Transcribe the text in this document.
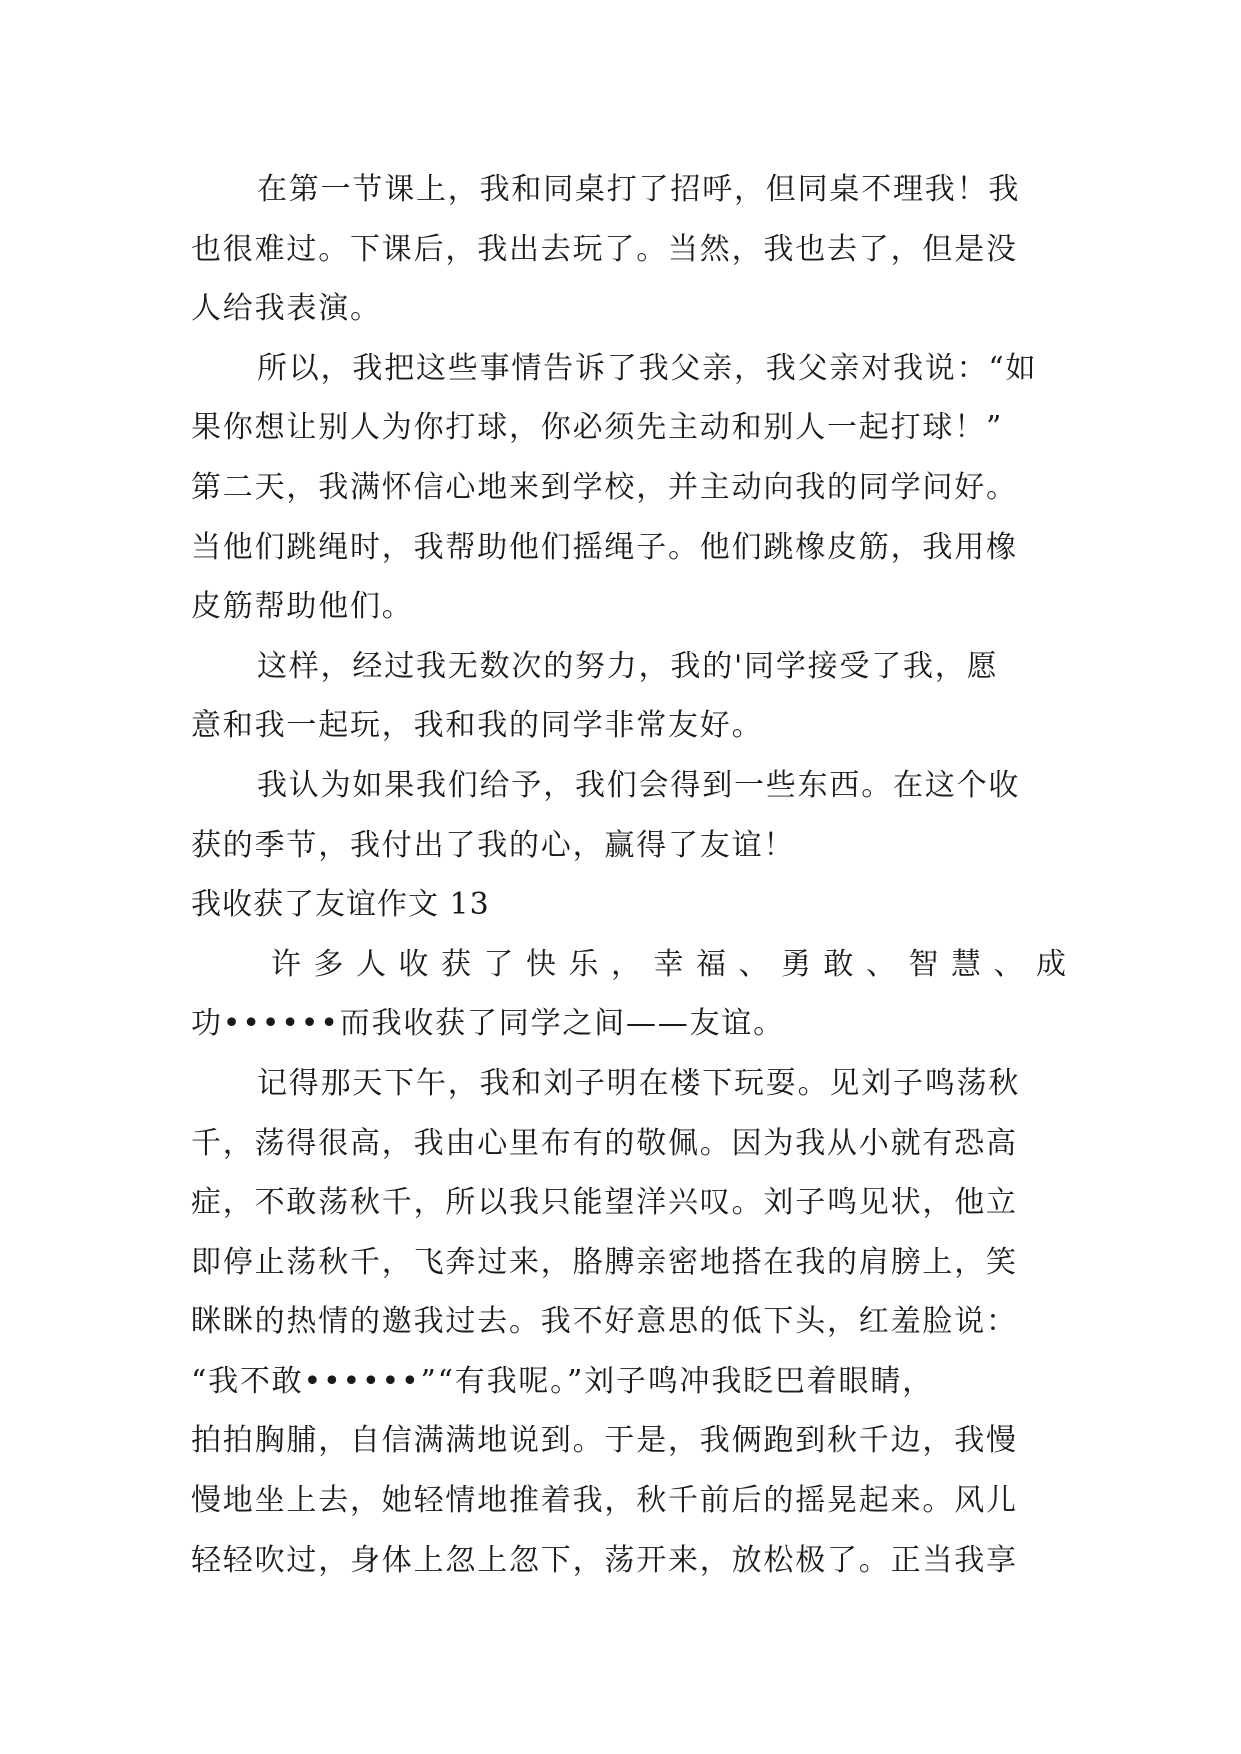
在第一节课上，我和同桌打了招呼，但同桌不理我！我
也很难过。下课后，我出去玩了。当然，我也去了，但是没
人给我表演。
所以，我把这些事情告诉了我父亲，我父亲对我说：“如
果你想让别人为你打球，你必须先主动和别人一起打球！”
第二天，我满怀信心地来到学校，并主动向我的同学问好。
当他们跳绳时，我帮助他们摇绳子。他们跳橡皮筋，我用橡
皮筋帮助他们。
这样，经过我无数次的努力，我的'同学接受了我，愿
意和我一起玩，我和我的同学非常友好。
我认为如果我们给予，我们会得到一些东西。在这个收
获的季节，我付出了我的心，赢得了友谊！
我收获了友谊作文 13
许多人收获了快乐，幸福、勇敢、智慧、成
功••••••而我收获了同学之间——友谊。
记得那天下午，我和刘子明在楼下玩耍。见刘子鸣荡秋
千，荡得很高，我由心里布有的敬佩。因为我从小就有恐高
症，不敢荡秋千，所以我只能望洋兴叹。刘子鸣见状，他立
即停止荡秋千，飞奔过来，胳膊亲密地搭在我的肩膀上，笑
眯眯的热情的邀我过去。我不好意思的低下头，红羞脸说：
“我不敢••••••”“有我呢。”刘子鸣冲我眨巴着眼睛，
拍拍胸脯，自信满满地说到。于是，我俩跑到秋千边，我慢
慢地坐上去，她轻情地推着我，秋千前后的摇晃起来。风儿
轻轻吹过，身体上忽上忽下，荡开来，放松极了。正当我享
